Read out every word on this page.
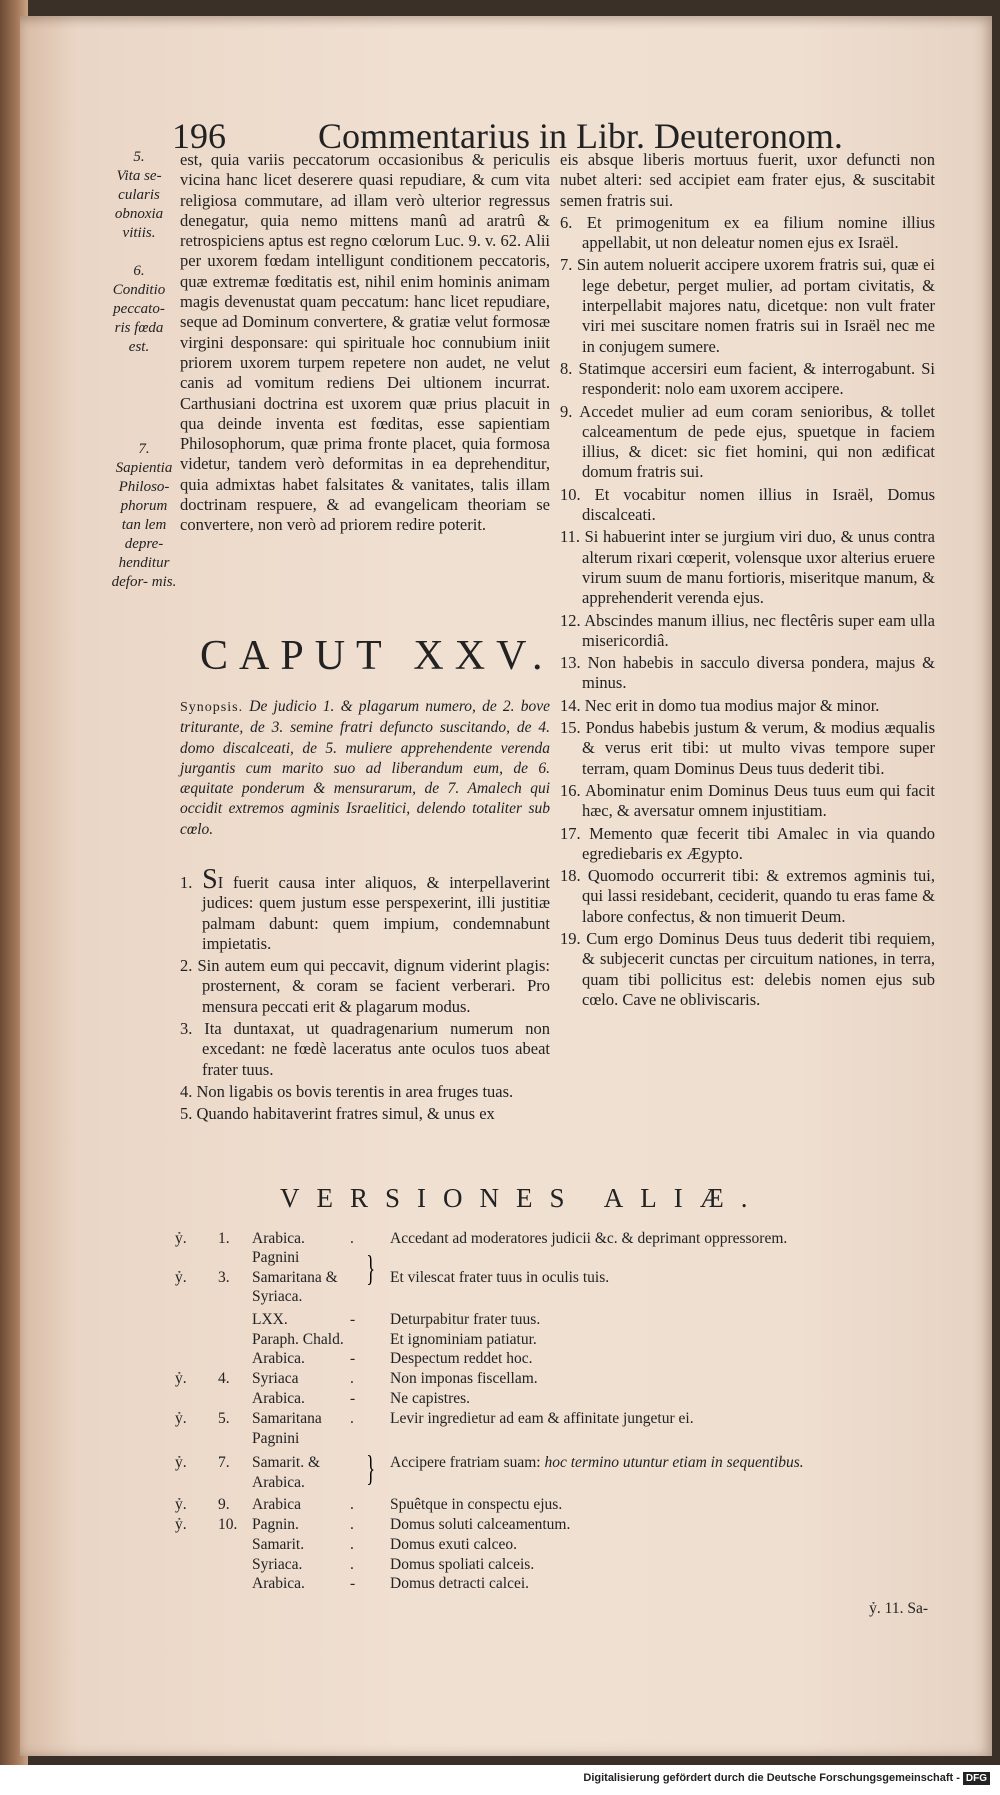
196	Commentarius in Libr. Deuteronom.
5.
Vita se- cularis obnoxia vitiis.
6.
Conditio peccato- ris fœda est.
7.
Sapientia Philoso- phorum tan lem depre- henditur defor- mis.
est, quia variis peccatorum occasionibus & periculis vicina hanc licet deserere quasi repudiare, & cum vita religiosa commutare, ad illam verò ulterior regressus denegatur, quia nemo mittens manû ad aratrû & retrospiciens aptus est regno cœlorum Luc. 9. v. 62. Alii per uxorem fœdam intelligunt conditionem peccatoris, quæ extremæ fœditatis est, nihil enim hominis animam magis devenustat quam peccatum: hanc licet repudiare, seque ad Dominum convertere, & gratiæ velut formosæ virgini desponsare: qui spirituale hoc connubium iniit priorem uxorem turpem repetere non audet, ne velut canis ad vomitum rediens Dei ultionem incurrat. Carthusiani doctrina est uxorem quæ prius placuit in qua deinde inventa est fœditas, esse sapientiam Philosophorum, quæ prima fronte placet, quia formosa videtur, tandem verò deformitas in ea deprehenditur, quia admixtas habet falsitates & vanitates, talis illam doctrinam respuere, & ad evangelicam theoriam se convertere, non verò ad priorem redire poterit.
CAPUT XXV.
Synopsis. De judicio 1. & plagarum numero, de 2. bove triturante, de 3. semine fratri defuncto suscitando, de 4. domo discalceati, de 5. muliere apprehendente verenda jurgantis cum marito suo ad liberandum eum, de 6. æquitate ponderum & mensurarum, de 7. Amalech qui occidit extremos agminis Israelitici, delendo totaliter sub cœlo.
1. SI fuerit causa inter aliquos, & interpellaverint judices: quem justum esse perspexerint, illi justitiæ palmam dabunt: quem impium, condemnabunt impietatis.
2. Sin autem eum qui peccavit, dignum viderint plagis: prosternent, & coram se facient verberari. Pro mensura peccati erit & plagarum modus.
3. Ita duntaxat, ut quadragenarium numerum non excedant: ne fœdè laceratus ante oculos tuos abeat frater tuus.
4. Non ligabis os bovis terentis in area fruges tuas.
5. Quando habitaverint fratres simul, & unus ex
eis absque liberis mortuus fuerit, uxor defuncti non nubet alteri: sed accipiet eam frater ejus, & suscitabit semen fratris sui.
6. Et primogenitum ex ea filium nomine illius appellabit, ut non deleatur nomen ejus ex Israël.
7. Sin autem noluerit accipere uxorem fratris sui, quæ ei lege debetur, perget mulier, ad portam civitatis, & interpellabit majores natu, dicetque: non vult frater viri mei suscitare nomen fratris sui in Israël nec me in conjugem sumere.
8. Statimque accersiri eum facient, & interrogabunt. Si responderit: nolo eam uxorem accipere.
9. Accedet mulier ad eum coram senioribus, & tollet calceamentum de pede ejus, spuetque in faciem illius, & dicet: sic fiet homini, qui non ædificat domum fratris sui.
10. Et vocabitur nomen illius in Israël, Domus discalceati.
11. Si habuerint inter se jurgium viri duo, & unus contra alterum rixari cœperit, volensque uxor alterius eruere virum suum de manu fortioris, miseritque manum, & apprehenderit verenda ejus.
12. Abscindes manum illius, nec flectêris super eam ulla misericordiâ.
13. Non habebis in sacculo diversa pondera, majus & minus.
14. Nec erit in domo tua modius major & minor.
15. Pondus habebis justum & verum, & modius æqualis & verus erit tibi: ut multo vivas tempore super terram, quam Dominus Deus tuus dederit tibi.
16. Abominatur enim Dominus Deus tuus eum qui facit hæc, & aversatur omnem injustitiam.
17. Memento quæ fecerit tibi Amalec in via quando egrediebaris ex Ægypto.
18. Quomodo occurrerit tibi: & extremos agminis tui, qui lassi residebant, ceciderit, quando tu eras fame & labore confectus, & non timuerit Deum.
19. Cum ergo Dominus Deus tuus dederit tibi requiem, & subjecerit cunctas per circuitum nationes, in terra, quam tibi pollicitus est: delebis nomen ejus sub cœlo. Cave ne obliviscaris.
VERSIONES ALIÆ.
ỷ. 1. Arabica.	. Accedant ad moderatores judicii &c. & deprimant oppressorem.
Pagnini
ỷ. 3. Samaritana &	Et vilescat frater tuus in oculis tuis.
Syriaca.
LXX.	- Deturpabitur frater tuus.
Paraph. Chald.	Et ignominiam patiatur.
Arabica.	- Despectum reddet hoc.
ỷ. 4. Syriaca	. Non imponas fiscellam.
Arabica.	- Ne capistres.
ỷ. 5. Samaritana . Levir ingredietur ad eam & affinitate jungetur ei.
Pagnini
ỷ. 7. Samarit. &	Accipere fratriam suam: hoc termino utuntur etiam in sequentibus.
Arabica.
ỷ. 9. Arabica	. Spuêtque in conspectu ejus.
ỷ. 10. Pagnin.	. Domus soluti calceamentum.
Samarit.	. Domus exuti calceo.
Syriaca.	. Domus spoliati calceis.
Arabica.	- Domus detracti calcei.
}
}
ỷ. 11. Sa-
Digitalisierung gefördert durch die Deutsche Forschungsgemeinschaft - DFG
